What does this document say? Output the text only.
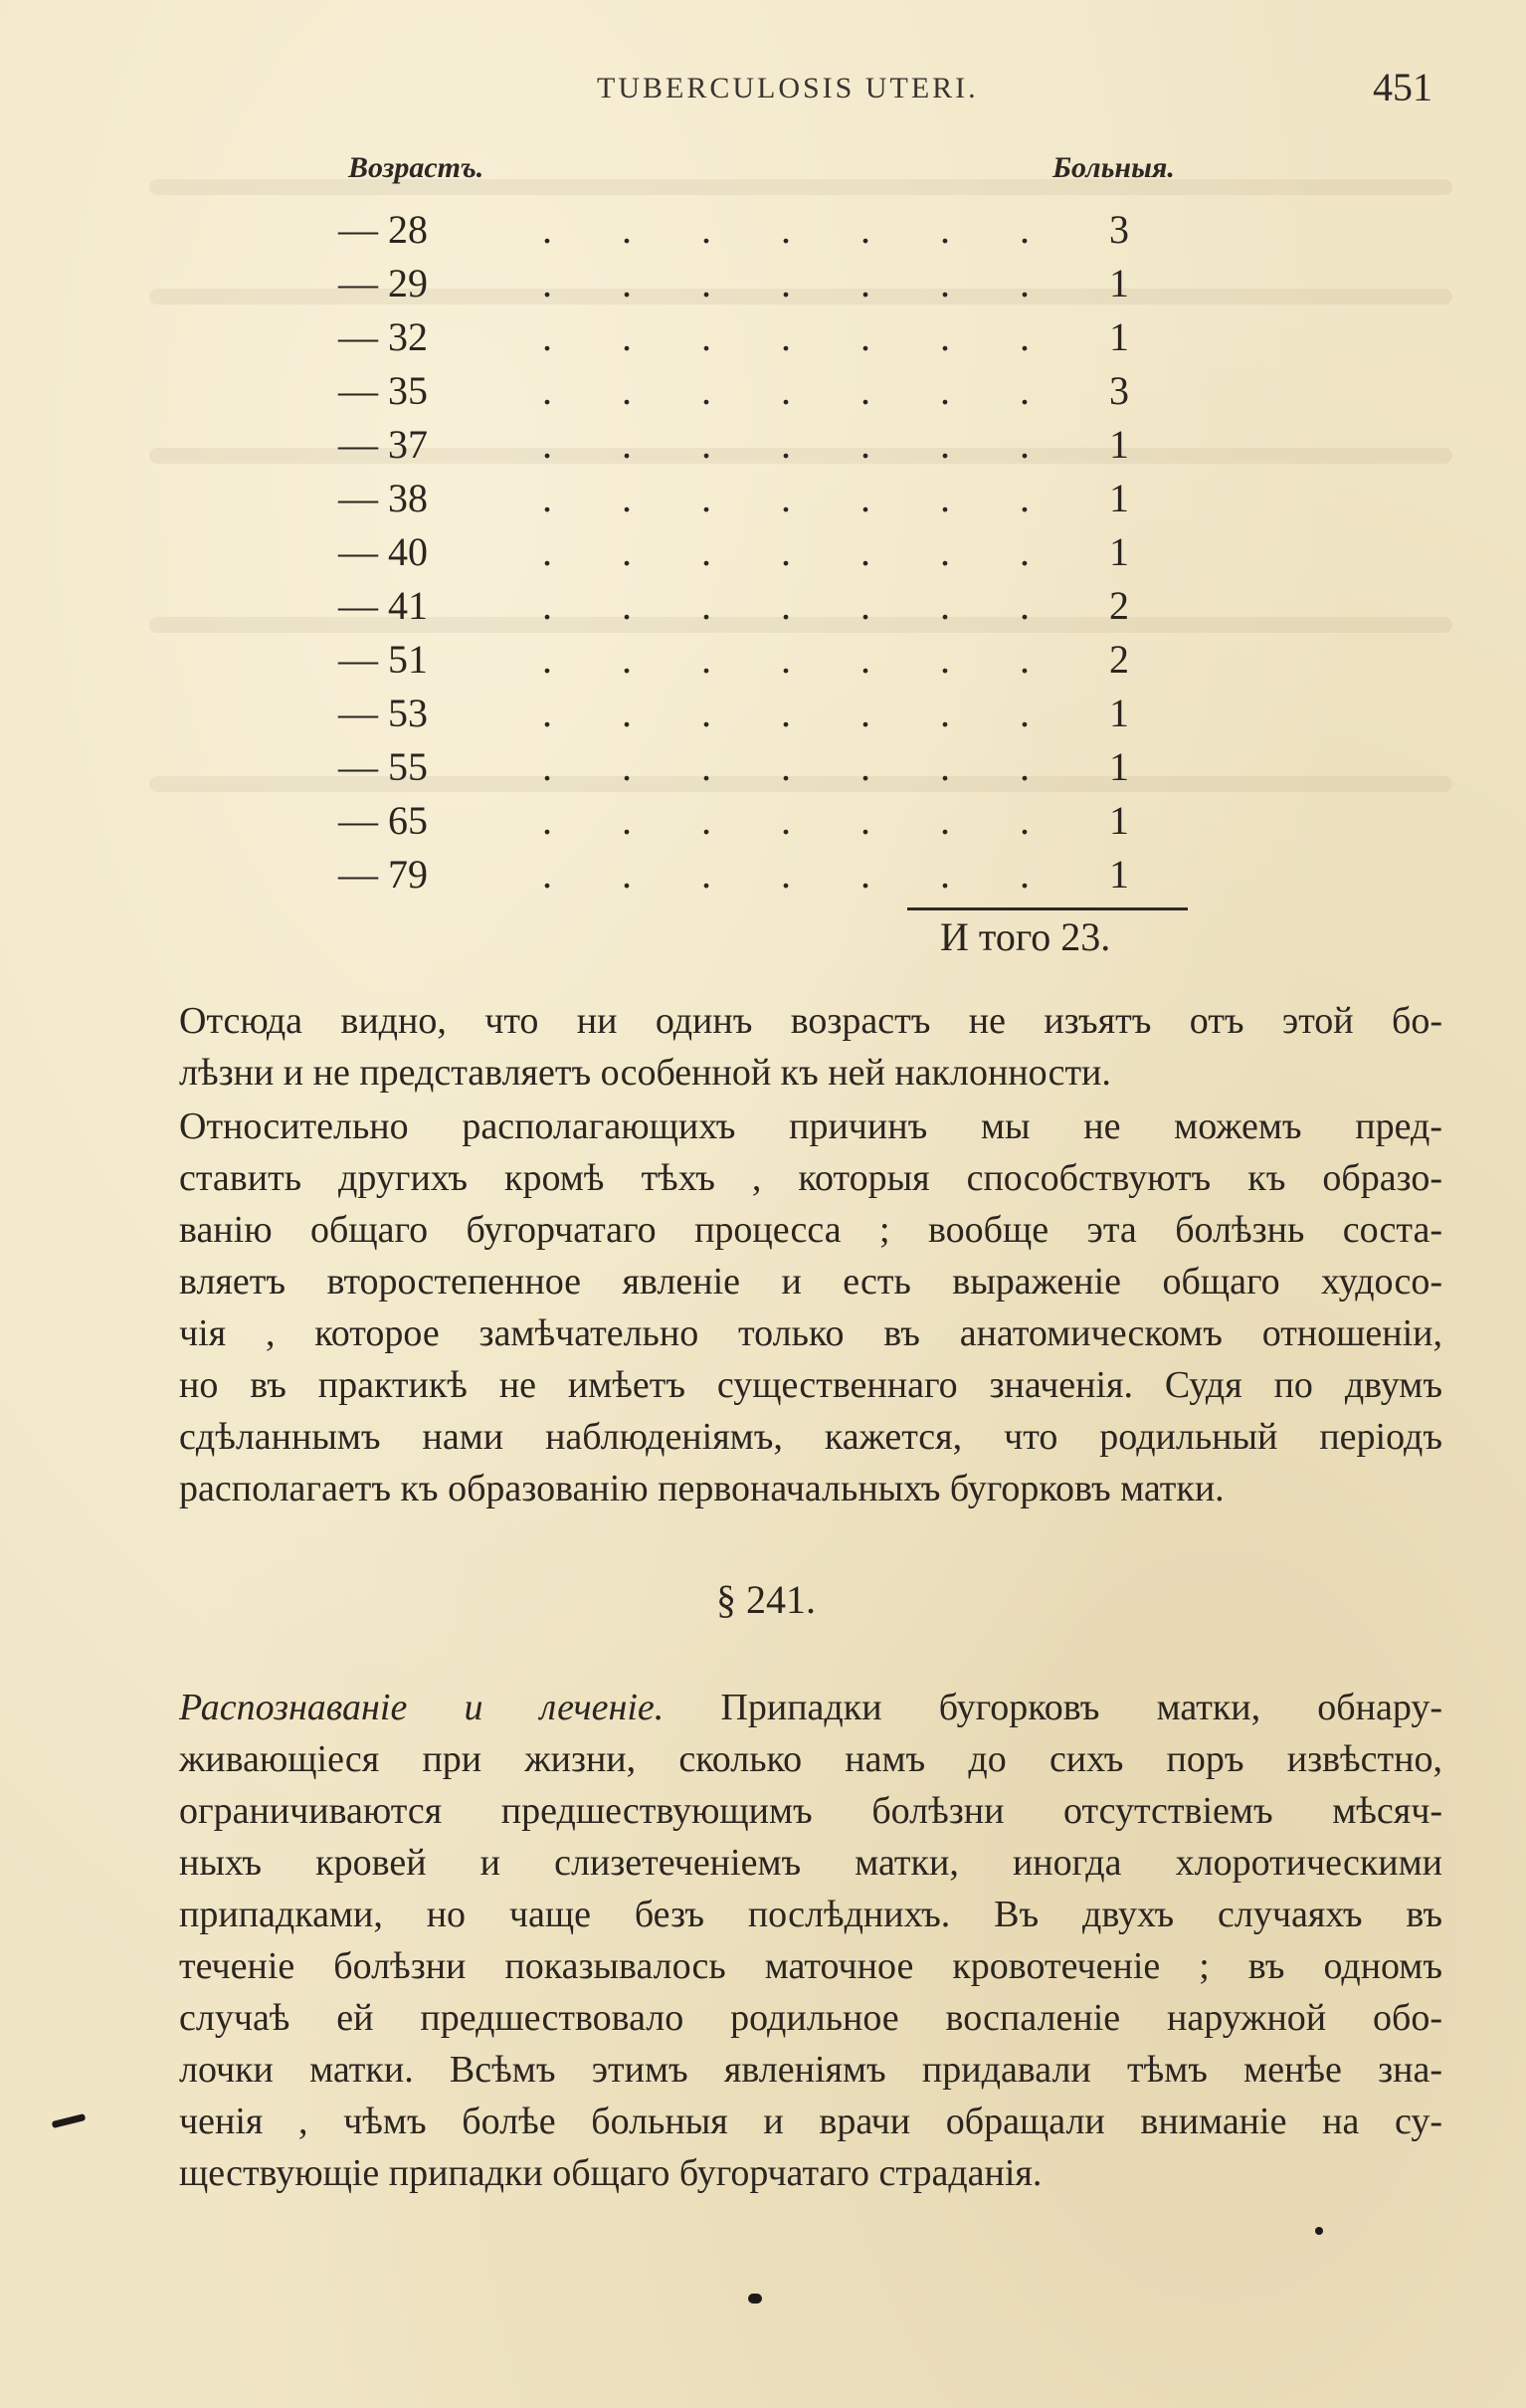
TUBERCULOSIS UTERI.	451
Возрастъ.	Больныя.
— 28	.       .       .       .       .       .       . 3
— 29	.       .       .       .       .       .       . 1
— 32	.       .       .       .       .       .       . 1
— 35	.       .       .       .       .       .       . 3
— 37	.       .       .       .       .       .       . 1
— 38	.       .       .       .       .       .       . 1
— 40	.       .       .       .       .       .       . 1
— 41	.       .       .       .       .       .       . 2
— 51	.       .       .       .       .       .       . 2
— 53	.       .       .       .       .       .       . 1
— 55	.       .       .       .       .       .       . 1
— 65	.       .       .       .       .       .       . 1
— 79	.       .       .       .       .       .       . 1
И того 23.
Отсюда видно, что ни одинъ возрастъ не изъятъ отъ этой бо-
лѣзни и не представляетъ особенной къ ней наклонности.
Относительно располагающихъ причинъ мы не можемъ пред-
ставить другихъ кромѣ тѣхъ , которыя способствуютъ къ образо-
ванію общаго бугорчатаго процесса ; вообще эта болѣзнь соста-
вляетъ второстепенное явленіе и есть выраженіе общаго худосо-
чія , которое замѣчательно только въ анатомическомъ отношеніи,
но въ практикѣ не имѣетъ существеннаго значенія. Судя по двумъ
сдѣланнымъ нами наблюденіямъ, кажется, что родильный періодъ
располагаетъ къ образованію первоначальныхъ бугорковъ матки.
§ 241.
Распознаваніе и леченіе. Припадки бугорковъ матки, обнару-
живающіеся при жизни, сколько намъ до сихъ поръ извѣстно,
ограничиваются предшествующимъ болѣзни отсутствіемъ мѣсяч-
ныхъ кровей и слизетеченіемъ матки, иногда хлоротическими
припадками, но чаще безъ послѣднихъ. Въ двухъ случаяхъ въ
теченіе болѣзни показывалось маточное кровотеченіе ; въ одномъ
случаѣ ей предшествовало родильное воспаленіе наружной обо-
лочки матки. Всѣмъ этимъ явленіямъ придавали тѣмъ менѣе зна-
ченія , чѣмъ болѣе больныя и врачи обращали вниманіе на су-
ществующіе припадки общаго бугорчатаго страданія.
